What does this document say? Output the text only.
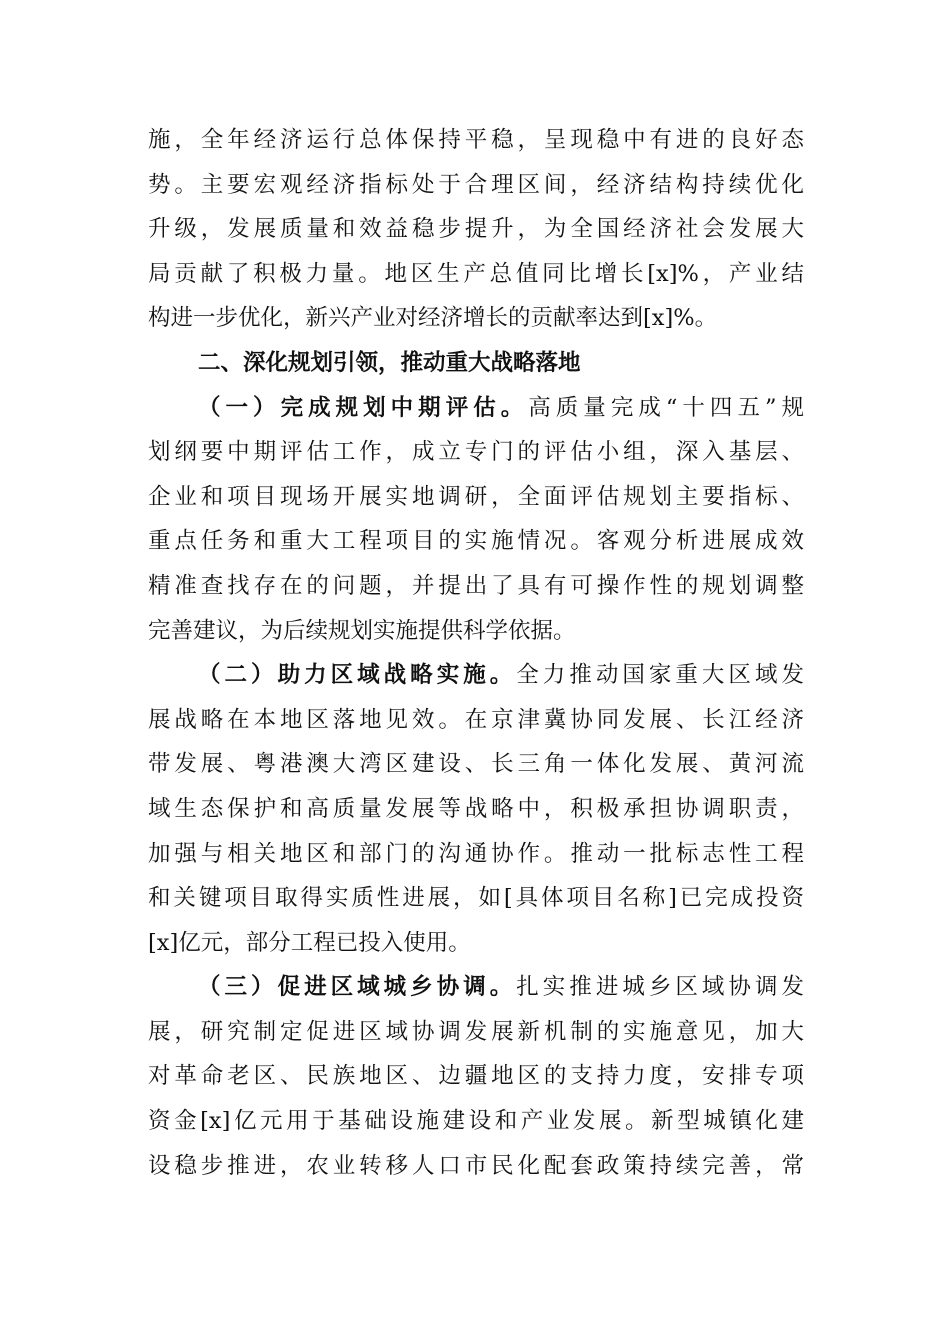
施，全年经济运行总体保持平稳，呈现稳中有进的良好态
势。主要宏观经济指标处于合理区间，经济结构持续优化
升级，发展质量和效益稳步提升，为全国经济社会发展大
局贡献了积极力量。地区生产总值同比增长[x]%，产业结
构进一步优化，新兴产业对经济增长的贡献率达到[x]%。
二、深化规划引领，推动重大战略落地
（一）完成规划中期评估。高质量完成“十四五”规
划纲要中期评估工作，成立专门的评估小组，深入基层、
企业和项目现场开展实地调研，全面评估规划主要指标、
重点任务和重大工程项目的实施情况。客观分析进展成效
精准查找存在的问题，并提出了具有可操作性的规划调整
完善建议，为后续规划实施提供科学依据。
（二）助力区域战略实施。全力推动国家重大区域发
展战略在本地区落地见效。在京津冀协同发展、长江经济
带发展、粤港澳大湾区建设、长三角一体化发展、黄河流
域生态保护和高质量发展等战略中，积极承担协调职责，
加强与相关地区和部门的沟通协作。推动一批标志性工程
和关键项目取得实质性进展，如[具体项目名称]已完成投资
[x]亿元，部分工程已投入使用。
（三）促进区域城乡协调。扎实推进城乡区域协调发
展，研究制定促进区域协调发展新机制的实施意见，加大
对革命老区、民族地区、边疆地区的支持力度，安排专项
资金[x]亿元用于基础设施建设和产业发展。新型城镇化建
设稳步推进，农业转移人口市民化配套政策持续完善，常
